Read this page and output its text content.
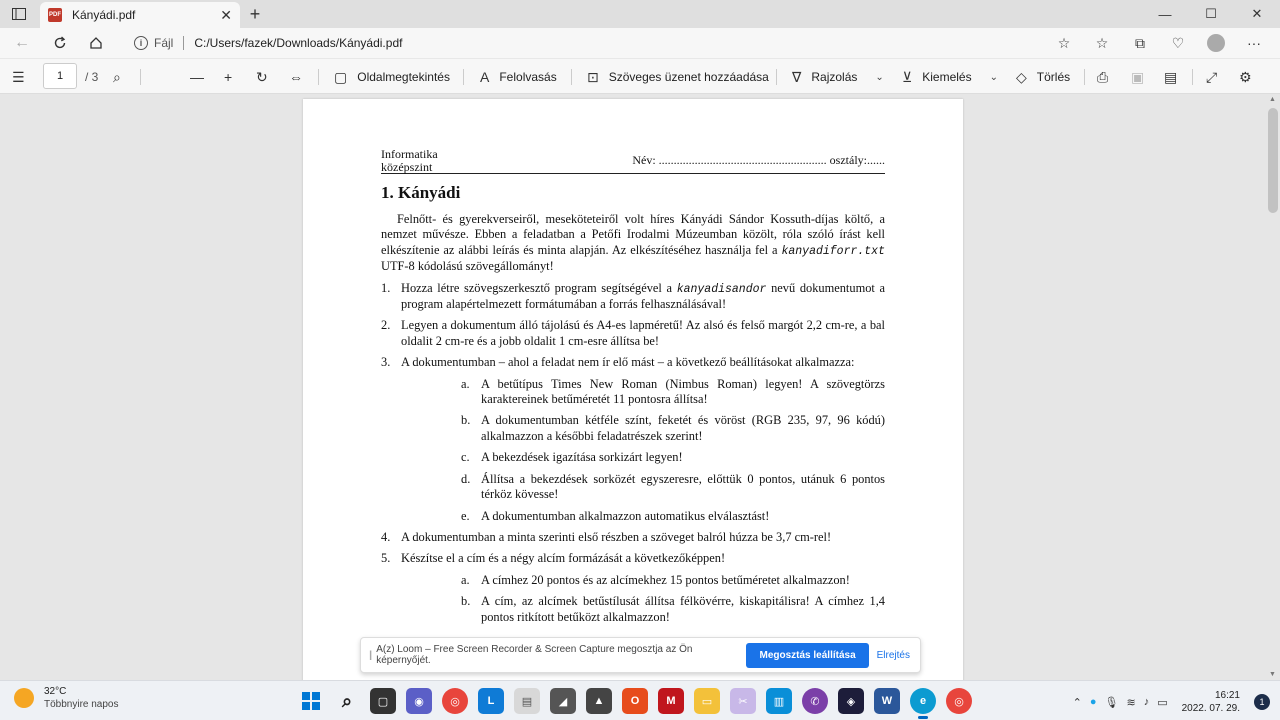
PDF Kányádi.pdf	✕ +	—	☐	✕
←	i Fájl C:/Users/fazek/Downloads/Kányádi.pdf	☆	☆	⧉	♡	···
☰	1	/ 3 ⌕	— + ↻ ⇔ ▢ Oldalmegtekintés A Felolvasás ⊡ Szöveges üzenet hozzáadása ∇ Rajzolás ⌄ ⊻ Kiemelés ⌄ ◇ Törlés ⎙ ▣ ▤ ⤢ ⚙
Informatika
középszint	Név: ........................................................ osztály:......
1. Kányádi

Felnőtt- és gyerekverseiről, meseköteteiről volt híres Kányádi Sándor Kossuth-díjas költő, a nemzet művésze. Ebben a feladatban a Petőfi Irodalmi Múzeumban közölt, róla szóló írást kell elkészítenie az alábbi leírás és minta alapján. Az elkészítéséhez használja fel a kanyadiforr.txt UTF-8 kódolású szövegállományt!

1. Hozza létre szövegszerkesztő program segítségével a kanyadisandor nevű dokumentumot a program alapértelmezett formátumában a forrás felhasználásával!
2. Legyen a dokumentum álló tájolású és A4-es lapméretű! Az alsó és felső margót 2,2 cm-re, a bal oldalit 2 cm-re és a jobb oldalit 1 cm-esre állítsa be!
3. A dokumentumban – ahol a feladat nem ír elő mást – a következő beállításokat alkalmazza:
a. A betűtípus Times New Roman (Nimbus Roman) legyen! A szövegtörzs karaktereinek betűméretét 11 pontosra állítsa!
b. A dokumentumban kétféle színt, feketét és vöröst (RGB 235, 97, 96 kódú) alkalmazzon a későbbi feladatrészek szerint!
c. A bekezdések igazítása sorkizárt legyen!
d. Állítsa a bekezdések sorközét egyszeresre, előttük 0 pontos, utánuk 6 pontos térköz kövesse!
e. A dokumentumban alkalmazzon automatikus elválasztást!
4. A dokumentumban a minta szerinti első részben a szöveget balról húzza be 3,7 cm-rel!
5. Készítse el a cím és a négy alcím formázását a következőképpen!
a. A címhez 20 pontos és az alcímekhez 15 pontos betűméretet alkalmazzon!
b. A cím, az alcímek betűstílusát állítsa félkövérre, kiskapitálisra! A címhez 1,4 pontos ritkított betűközt alkalmazzon!
▲
▼
|| A(z) Loom – Free Screen Recorder & Screen Capture megosztja az Ön képernyőjét.	Megosztás leállítása	Elrejtés
32°C
Többnyire napos	⌕ ▢ ◉ ◎	L ▤ ◢ ▲ O M ▭ ✂ ▥ ✆ ◈ W	e	◎	⌃ ● 🎙 ≋ ♪ ▭
16:21
2022. 07. 29.
1
